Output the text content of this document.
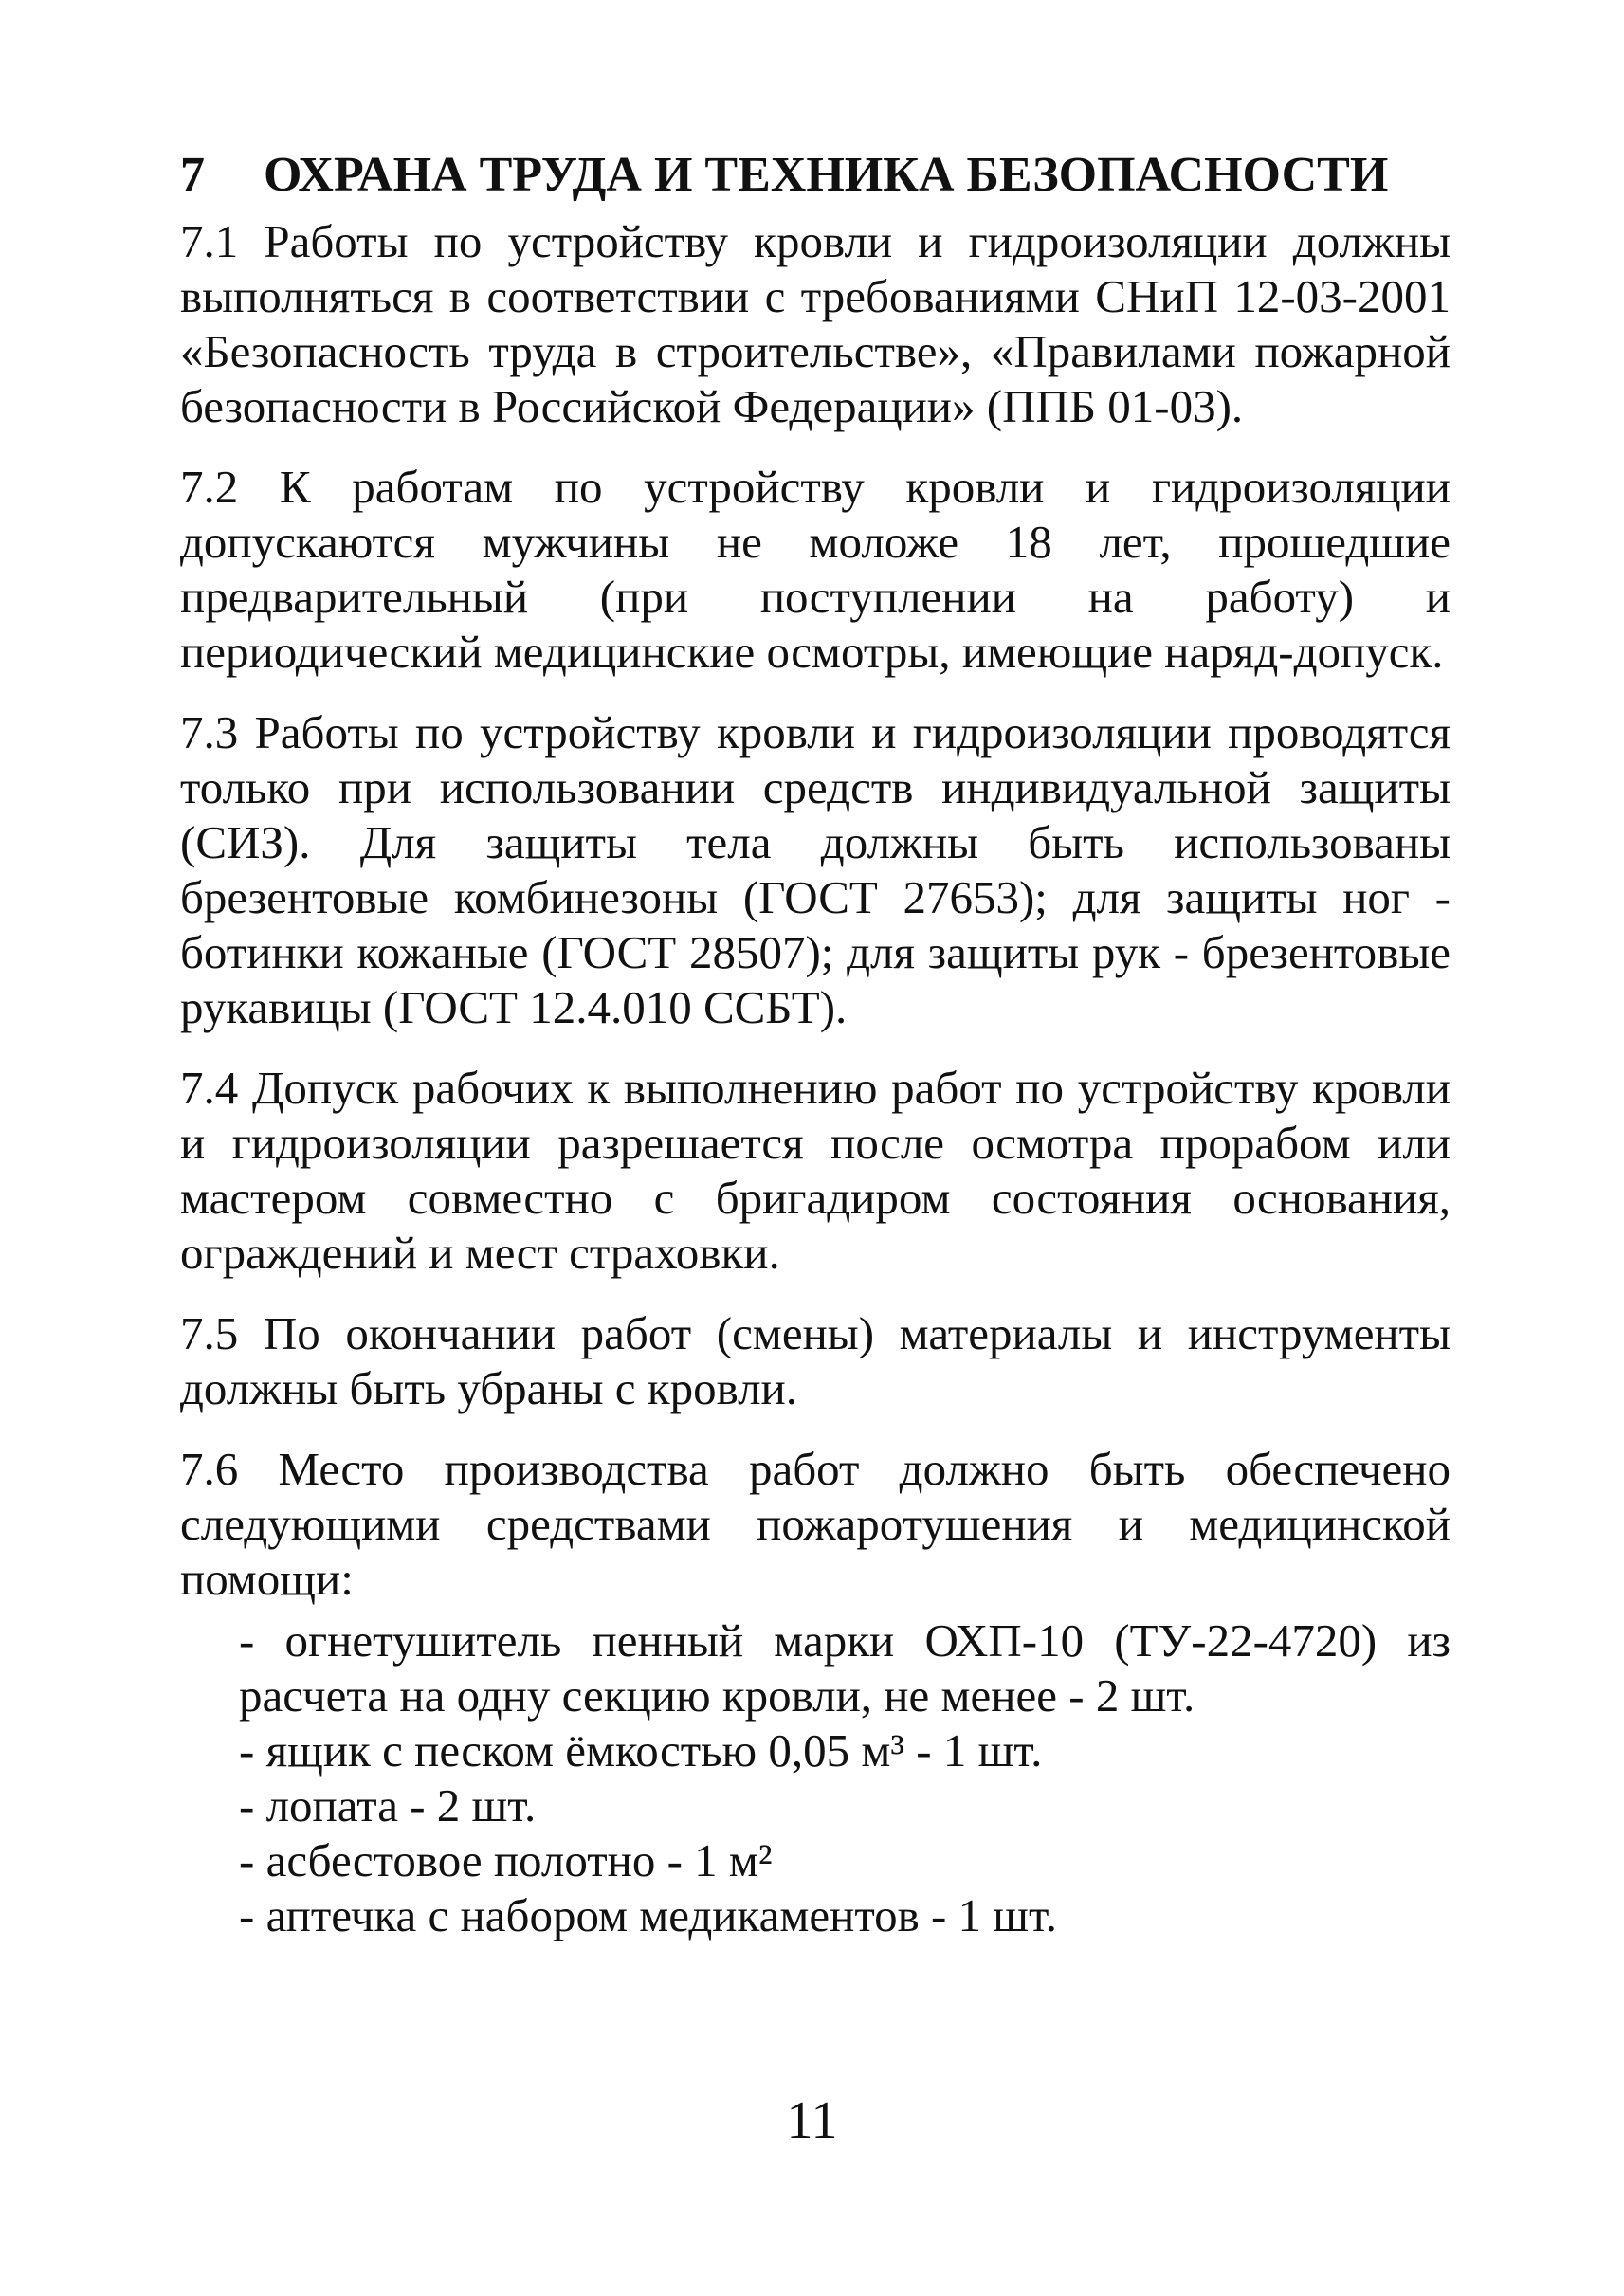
7 ОХРАНА ТРУДА И ТЕХНИКА БЕЗОПАСНОСТИ

7.1 Работы по устройству кровли и гидроизоляции должны выполняться в соответствии с требованиями СНиП 12-03-2001 «Безопасность труда в строительстве», «Правилами пожарной безопасности в Российской Федерации» (ППБ 01-03).

7.2 К работам по устройству кровли и гидроизоляции допускаются мужчины не моложе 18 лет, прошедшие предварительный (при поступлении на работу) и периодический медицинские осмотры, имеющие наряд-допуск.

7.3 Работы по устройству кровли и гидроизоляции проводятся только при использовании средств индивидуальной защиты (СИЗ). Для защиты тела должны быть использованы брезентовые комбинезоны (ГОСТ 27653); для защиты ног - ботинки кожаные (ГОСТ 28507); для защиты рук - брезентовые рукавицы (ГОСТ 12.4.010 ССБТ).

7.4 Допуск рабочих к выполнению работ по устройству кровли и гидроизоляции разрешается после осмотра прорабом или мастером совместно с бригадиром состояния основания, ограждений и мест страховки.

7.5 По окончании работ (смены) материалы и инструменты должны быть убраны с кровли.

7.6 Место производства работ должно быть обеспечено следующими средствами пожаротушения и медицинской помощи:

- огнетушитель пенный марки ОХП-10 (ТУ-22-4720) из расчета на одну секцию кровли, не менее - 2 шт.
- ящик с песком ёмкостью 0,05 м³ - 1 шт.
- лопата - 2 шт.
- асбестовое полотно - 1 м²
- аптечка с набором медикаментов - 1 шт.
11
